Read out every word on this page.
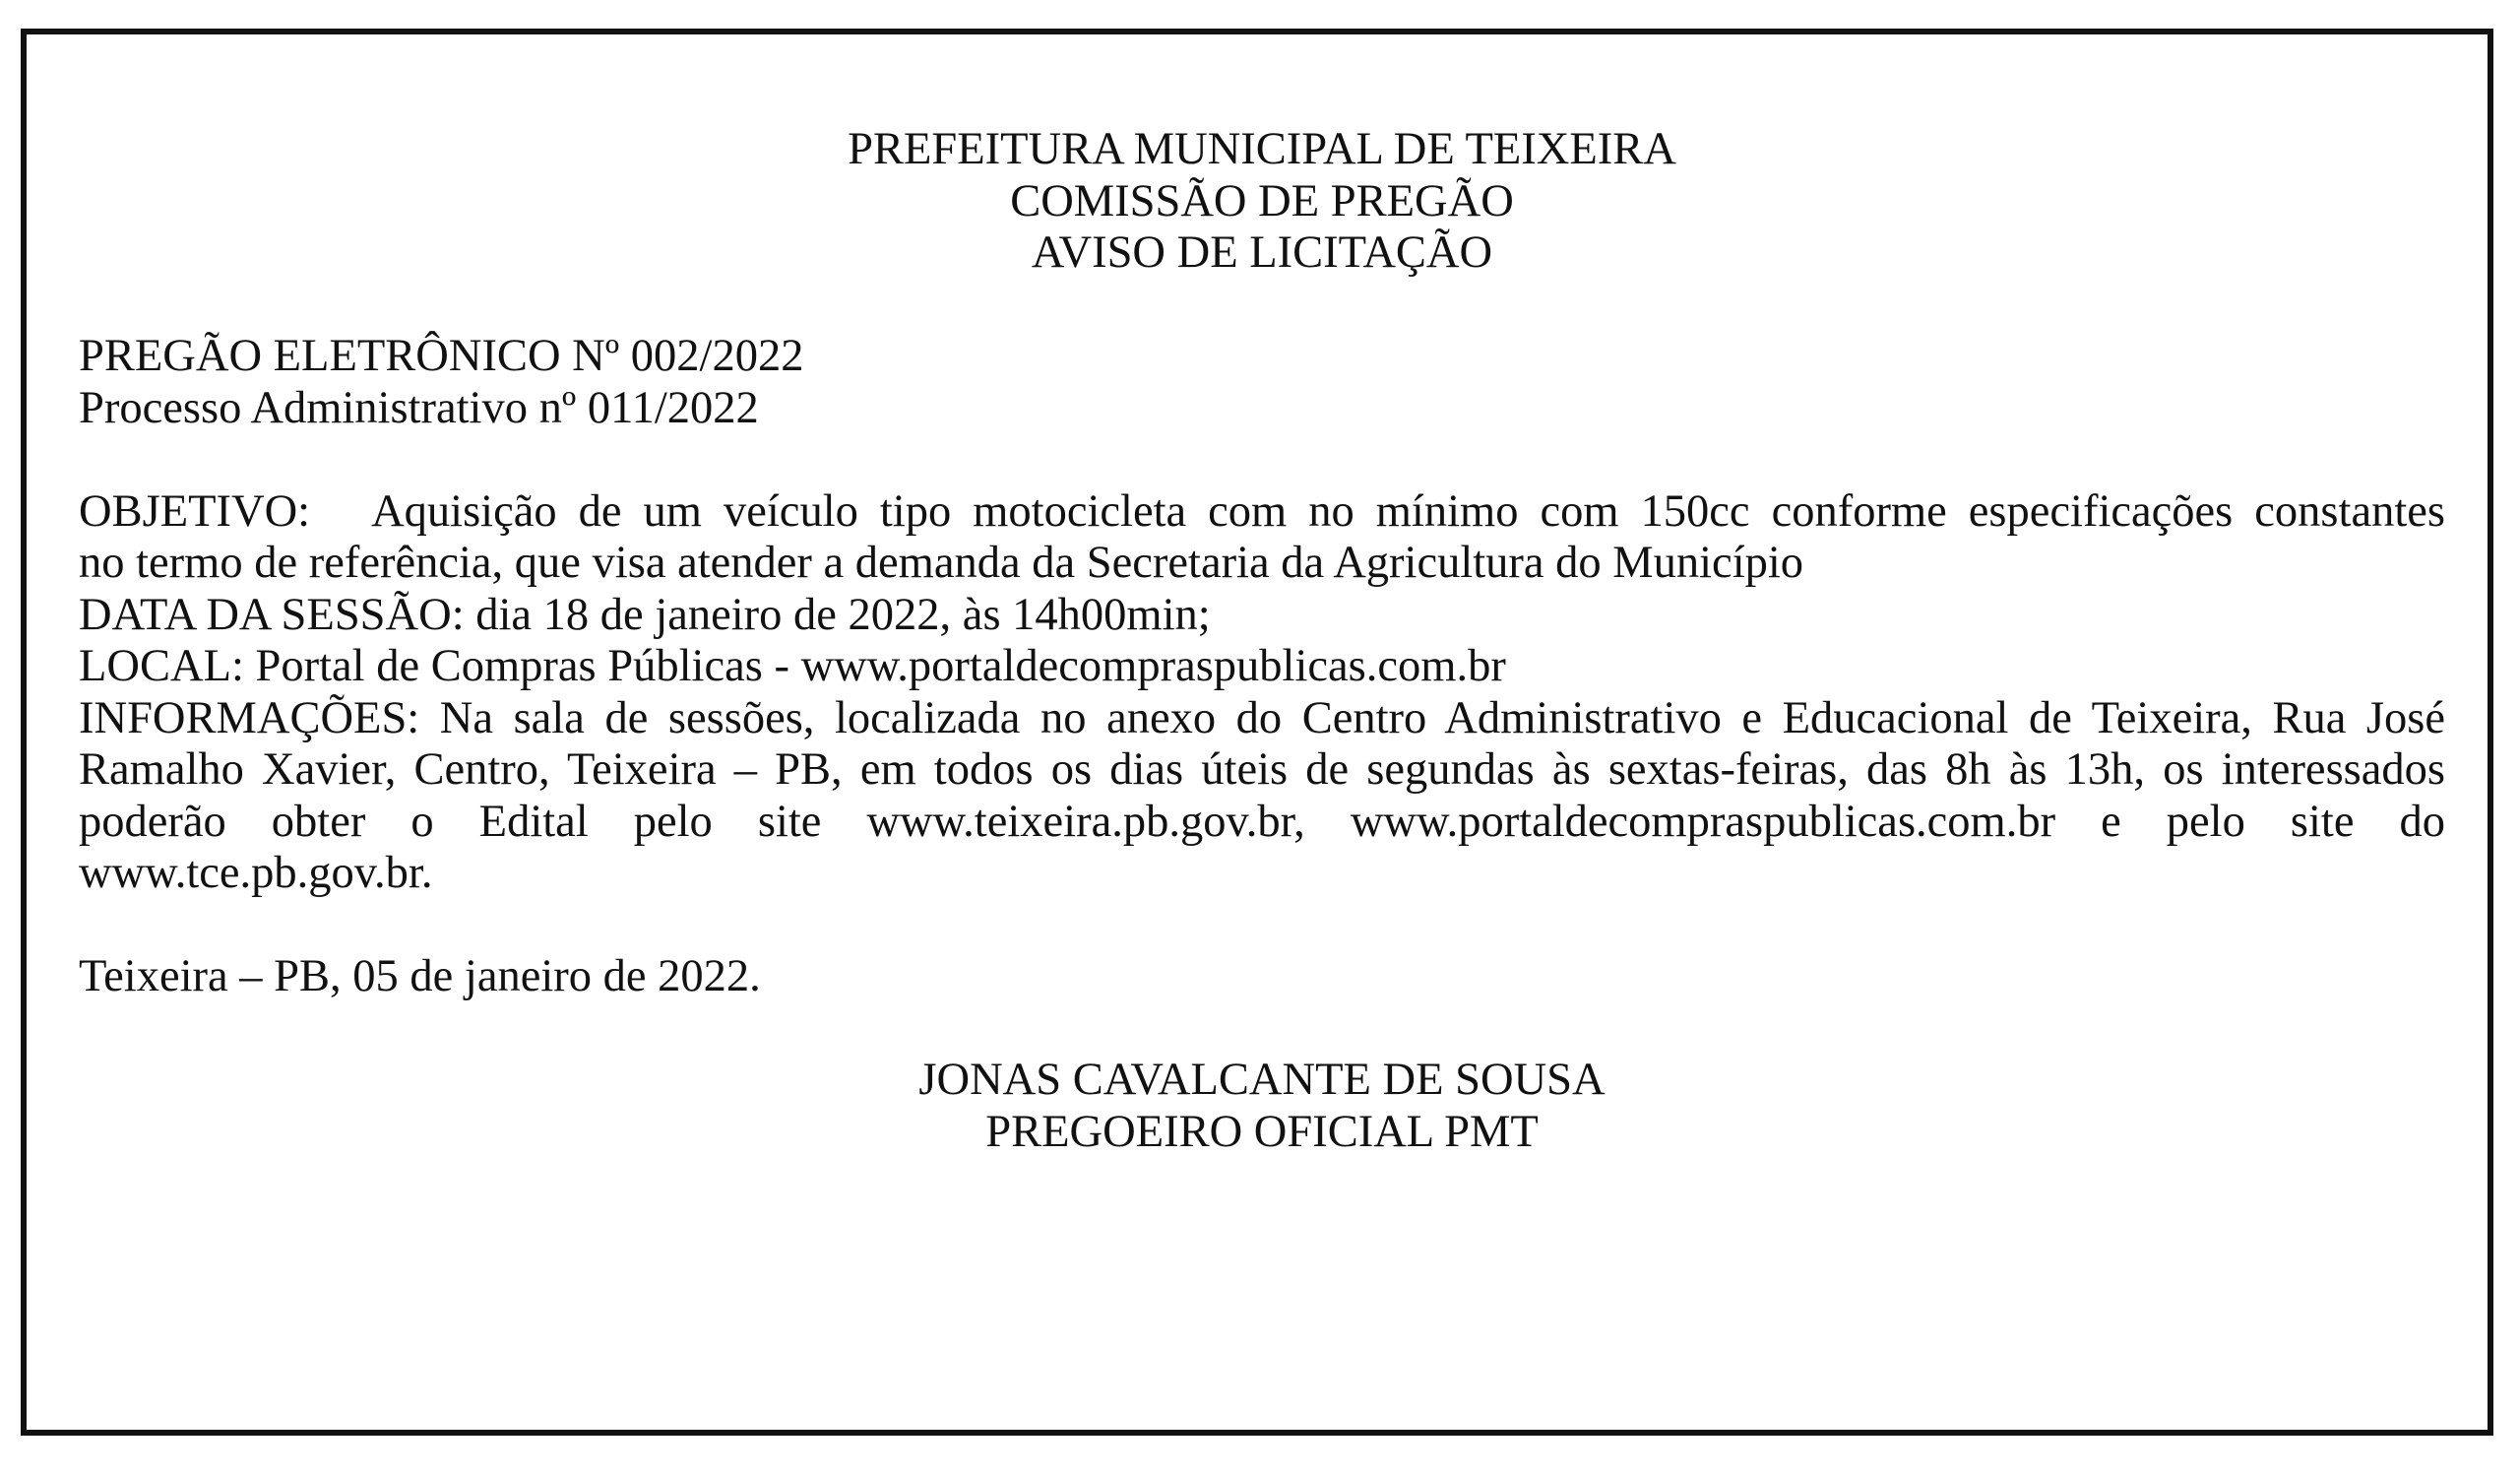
PREFEITURA MUNICIPAL DE TEIXEIRA
COMISSÃO DE PREGÃO
AVISO DE LICITAÇÃO
PREGÃO ELETRÔNICO Nº 002/2022
Processo Administrativo nº 011/2022
OBJETIVO: Aquisição de um veículo tipo motocicleta com no mínimo com 150cc conforme especificações constantes
no termo de referência, que visa atender a demanda da Secretaria da Agricultura do Município
DATA DA SESSÃO: dia 18 de janeiro de 2022, às 14h00min;
LOCAL: Portal de Compras Públicas - www.portaldecompraspublicas.com.br
INFORMAÇÕES: Na sala de sessões, localizada no anexo do Centro Administrativo e Educacional de Teixeira, Rua José
Ramalho Xavier, Centro, Teixeira – PB, em todos os dias úteis de segundas às sextas-feiras, das 8h às 13h, os interessados
poderão obter o Edital pelo site www.teixeira.pb.gov.br, www.portaldecompraspublicas.com.br e pelo site do
www.tce.pb.gov.br.
Teixeira – PB, 05 de janeiro de 2022.
JONAS CAVALCANTE DE SOUSA
PREGOEIRO OFICIAL PMT
